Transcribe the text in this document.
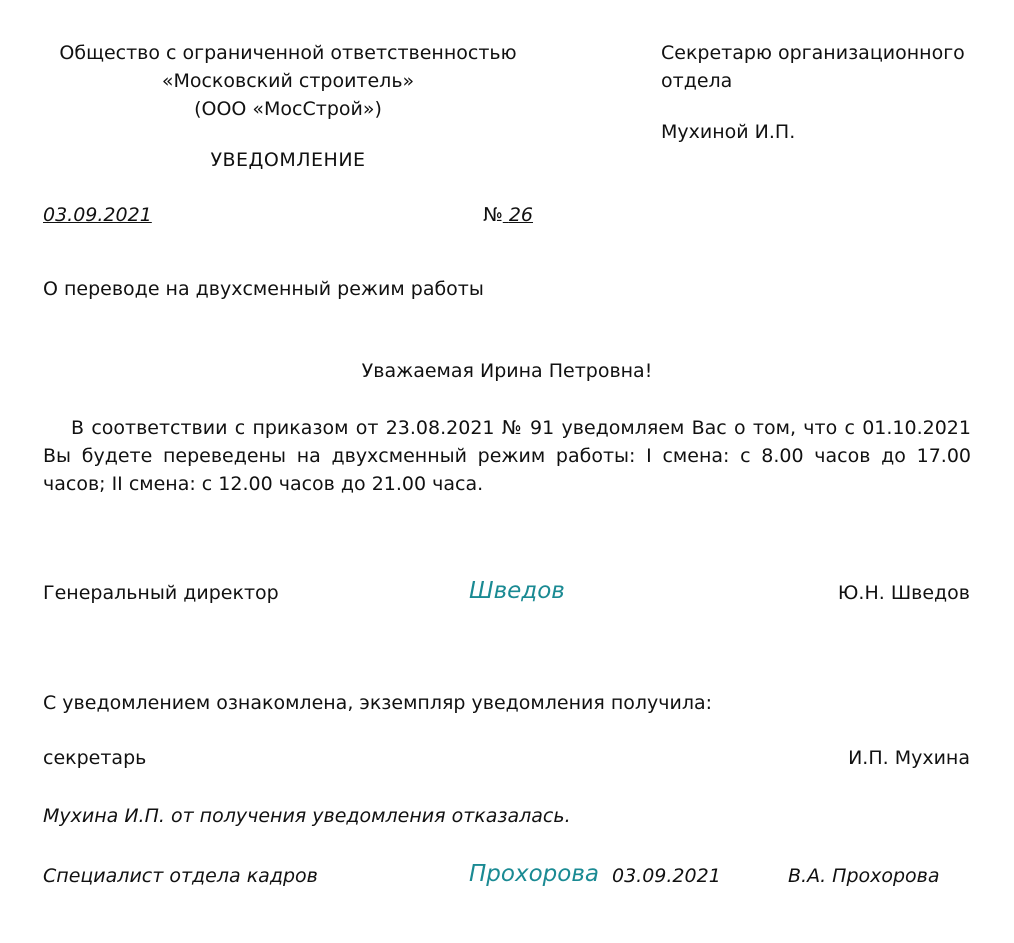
Общество с ограниченной ответственностью
«Московский строитель»
(ООО «МосСтрой»)
Секретарю организационного
отдела
Мухиной И.П.
УВЕДОМЛЕНИЕ
03.09.2021	№ 26
О переводе на двухсменный режим работы
Уважаемая Ирина Петровна!
В соответствии с приказом от 23.08.2021 № 91 уведомляем Вас о том, что с 01.10.2021 Вы будете переведены на двухсменный режим работы: I смена: с 8.00 часов до 17.00 часов; II смена: с 12.00 часов до 21.00 часа.
Генеральный директор	Шведов	Ю.Н. Шведов
С уведомлением ознакомлена, экземпляр уведомления получила:
секретарь	И.П. Мухина
Мухина И.П. от получения уведомления отказалась.
Специалист отдела кадров	Прохорова 03.09.2021	В.А. Прохорова
